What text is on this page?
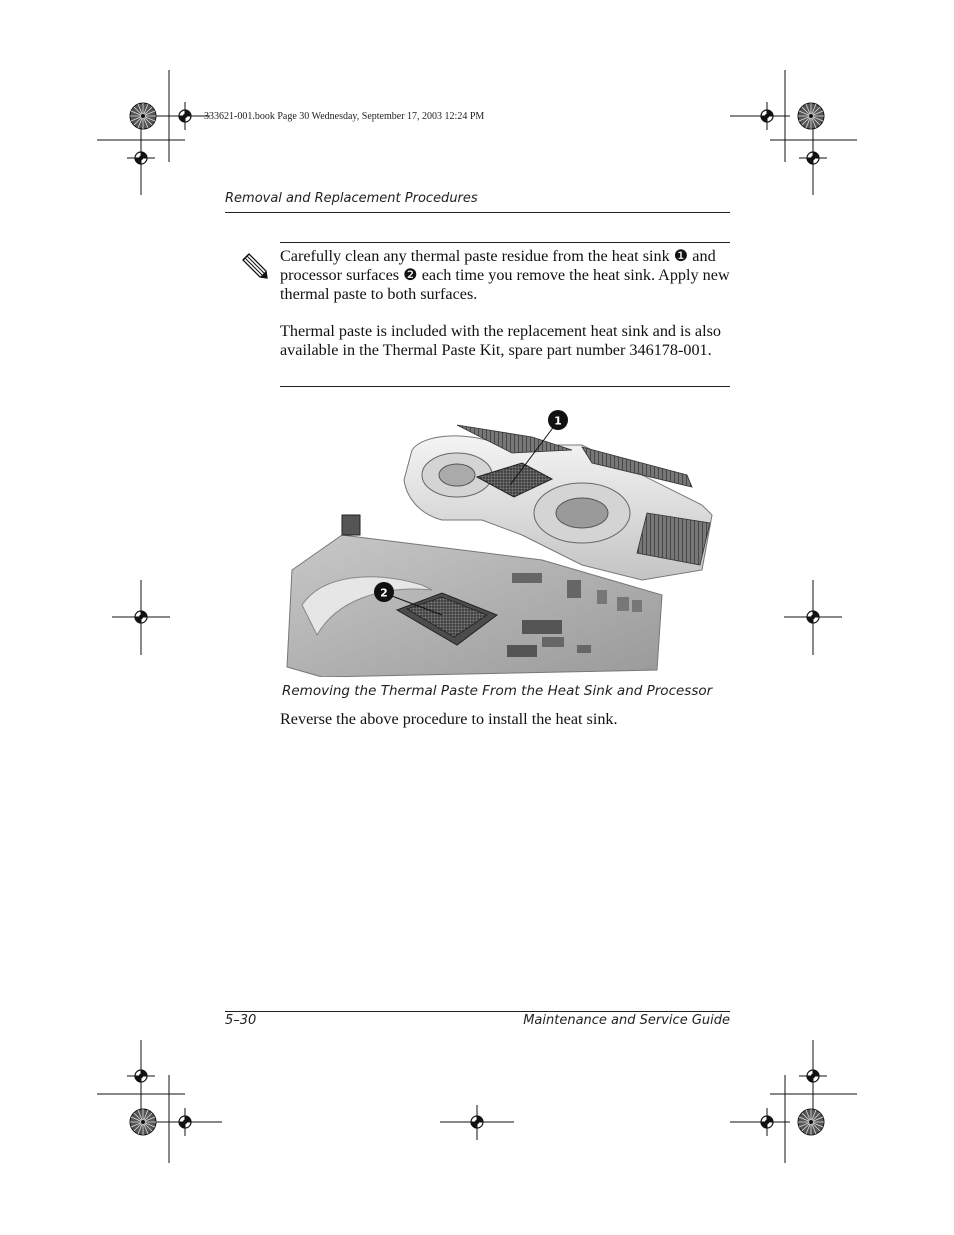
333621-001.book Page 30 Wednesday, September 17, 2003 12:24 PM
Removal and Replacement Procedures

Carefully clean any thermal paste residue from the heat sink ❶ and processor surfaces ❷ each time you remove the heat sink. Apply new thermal paste to both surfaces.

Thermal paste is included with the replacement heat sink and is also available in the Thermal Paste Kit, spare part number 346178-001.

1
2
Removing the Thermal Paste From the Heat Sink and Processor
Reverse the above procedure to install the heat sink.
5–30	Maintenance and Service Guide
